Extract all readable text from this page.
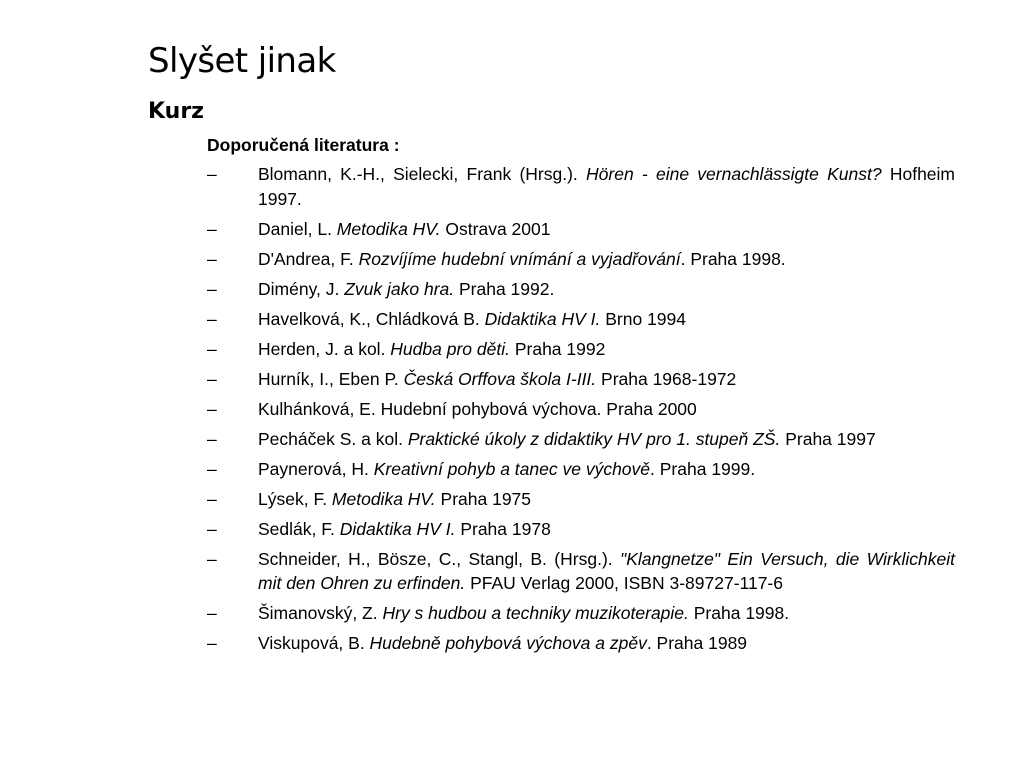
Slyšet jinak
Kurz
Doporučená literatura :
– Blomann, K.-H., Sielecki, Frank (Hrsg.). Hören - eine vernachlässigte Kunst? Hofheim 1997.
– Daniel, L. Metodika HV. Ostrava 2001
– D'Andrea, F. Rozvíjíme hudební vnímání a vyjadřování. Praha 1998.
– Dimény, J. Zvuk jako hra. Praha 1992.
– Havelková, K., Chládková B. Didaktika HV I. Brno 1994
– Herden, J. a kol. Hudba pro děti. Praha 1992
– Hurník, I., Eben P. Česká Orffova škola I-III. Praha 1968-1972
– Kulhánková, E. Hudební pohybová výchova. Praha 2000
– Pecháček S. a kol. Praktické úkoly z didaktiky HV pro 1. stupeň ZŠ. Praha 1997
– Paynerová, H. Kreativní pohyb a tanec ve výchově. Praha 1999.
– Lýsek, F. Metodika HV. Praha 1975
– Sedlák, F. Didaktika HV I. Praha 1978
– Schneider, H., Bösze, C., Stangl, B. (Hrsg.). "Klangnetze" Ein Versuch, die Wirklichkeit mit den Ohren zu erfinden. PFAU Verlag 2000, ISBN 3-89727-117-6
– Šimanovský, Z. Hry s hudbou a techniky muzikoterapie. Praha 1998.
– Viskupová, B. Hudebně pohybová výchova a zpěv. Praha 1989
